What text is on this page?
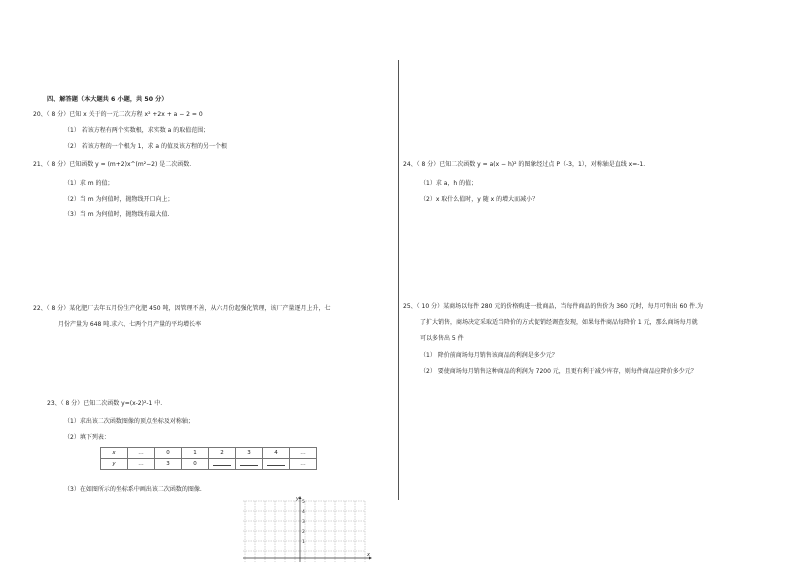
四、解答题（本大题共 6 小题，共 50 分）
20、（ 8 分）已知 x 关于的一元二次方程 x² +2x + a − 2 = 0
（1） 若该方程有两个实数根，求实数 a 的取值范围；
（2） 若该方程的一个根为 1，求 a 的值及该方程的另一个根
21、（ 8 分）已知函数 y = (m+2)x^(m²−2) 是二次函数.
（1）求 m 的值；
（2）当 m 为何值时，抛物线开口向上；
（3）当 m 为何值时，抛物线有最大值.
22、（ 8 分）某化肥厂去年五月份生产化肥 450 吨，因管理不善，从六月份起强化管理，该厂产量逐月上升，七
月份产量为 648 吨.求六、七两个月产量的平均增长率
23、（ 8 分）已知二次函数 y=(x-2)²-1 中.
（1）求出该二次函数图像的顶点坐标及对称轴；
（2）填下列表：
x	…	0	1	2	3	4	…
y	…	3	0				…
（3）在如图所示的坐标系中画出该二次函数的图像.
y
x
5
4
3
2
1
24、（ 8 分）已知二次函数 y = a(x − h)² 的图象经过点 P（-3，1），对称轴是直线 x=-1.
（1）求 a，h 的值；
（2）x 取什么值时，y 随 x 的增大而减小？
25、（ 10 分）某商场以每件 280 元的价格购进一批商品，当每件商品的售价为 360 元时，每月可售出 60 件.为
了扩大销售，商场决定采取适当降价的方式促销经调查发现，如果每件商品每降价 1 元，那么商场每月就
可以多售出 5 件
（1） 降价前商场每月销售该商品的利润是多少元？
（2） 要使商场每月销售这种商品的利润为 7200 元，且更有利于减少库存，则每件商品应降价多少元？
